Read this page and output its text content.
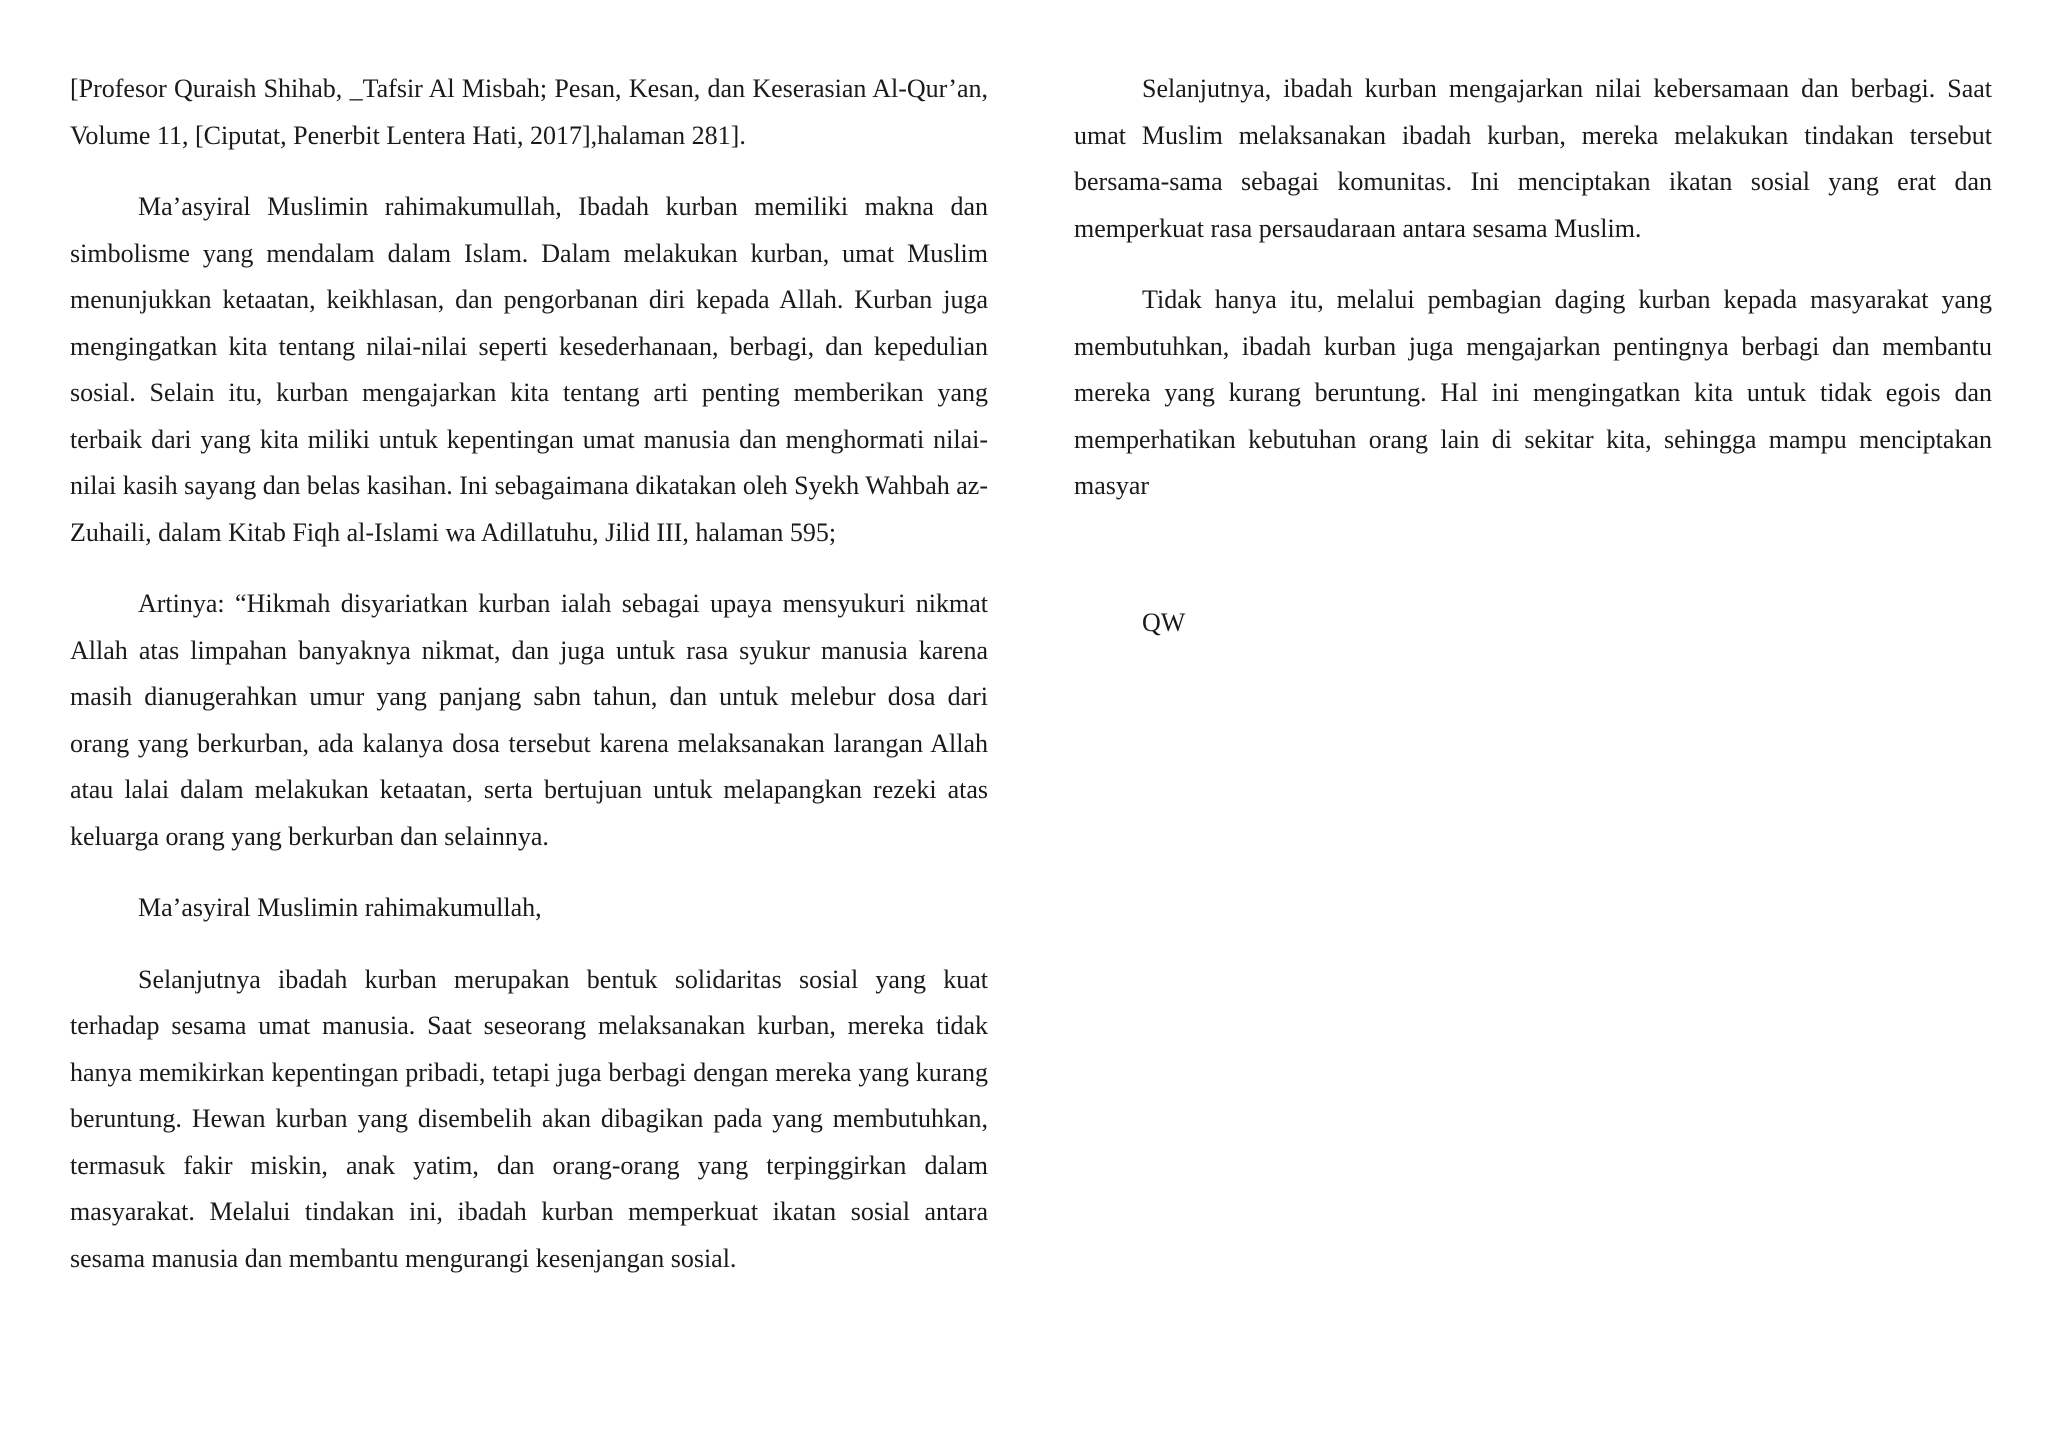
[Profesor Quraish Shihab, _Tafsir Al Misbah; Pesan, Kesan, dan Keserasian Al-Qur’an, Volume 11, [Ciputat, Penerbit Lentera Hati, 2017],halaman 281].

Ma’asyiral Muslimin rahimakumullah, Ibadah kurban memiliki makna dan simbolisme yang mendalam dalam Islam. Dalam melakukan kurban, umat Muslim menunjukkan ketaatan, keikhlasan, dan pengorbanan diri kepada Allah. Kurban juga mengingatkan kita tentang nilai-nilai seperti kesederhanaan, berbagi, dan kepedulian sosial. Selain itu, kurban mengajarkan kita tentang arti penting memberikan yang terbaik dari yang kita miliki untuk kepentingan umat manusia dan menghormati nilai-nilai kasih sayang dan belas kasihan. Ini sebagaimana dikatakan oleh Syekh Wahbah az-Zuhaili, dalam Kitab Fiqh al-Islami wa Adillatuhu, Jilid III, halaman 595;

Artinya: “Hikmah disyariatkan kurban ialah sebagai upaya mensyukuri nikmat Allah atas limpahan banyaknya nikmat, dan juga untuk rasa syukur manusia karena masih dianugerahkan umur yang panjang sabn tahun, dan untuk melebur dosa dari orang yang berkurban, ada kalanya dosa tersebut karena melaksanakan larangan Allah atau lalai dalam melakukan ketaatan, serta bertujuan untuk melapangkan rezeki atas keluarga orang yang berkurban dan selainnya.

Ma’asyiral Muslimin rahimakumullah,

Selanjutnya ibadah kurban merupakan bentuk solidaritas sosial yang kuat terhadap sesama umat manusia. Saat seseorang melaksanakan kurban, mereka tidak hanya memikirkan kepentingan pribadi, tetapi juga berbagi dengan mereka yang kurang beruntung. Hewan kurban yang disembelih akan dibagikan pada yang membutuhkan, termasuk fakir miskin, anak yatim, dan orang-orang yang terpinggirkan dalam masyarakat. Melalui tindakan ini, ibadah kurban memperkuat ikatan sosial antara sesama manusia dan membantu mengurangi kesenjangan sosial.

Selanjutnya, ibadah kurban mengajarkan nilai kebersamaan dan berbagi. Saat umat Muslim melaksanakan ibadah kurban, mereka melakukan tindakan tersebut bersama-sama sebagai komunitas. Ini menciptakan ikatan sosial yang erat dan memperkuat rasa persaudaraan antara sesama Muslim.

Tidak hanya itu, melalui pembagian daging kurban kepada masyarakat yang membutuhkan, ibadah kurban juga mengajarkan pentingnya berbagi dan membantu mereka yang kurang beruntung. Hal ini mengingatkan kita untuk tidak egois dan memperhatikan kebutuhan orang lain di sekitar kita, sehingga mampu menciptakan masyar

QW
